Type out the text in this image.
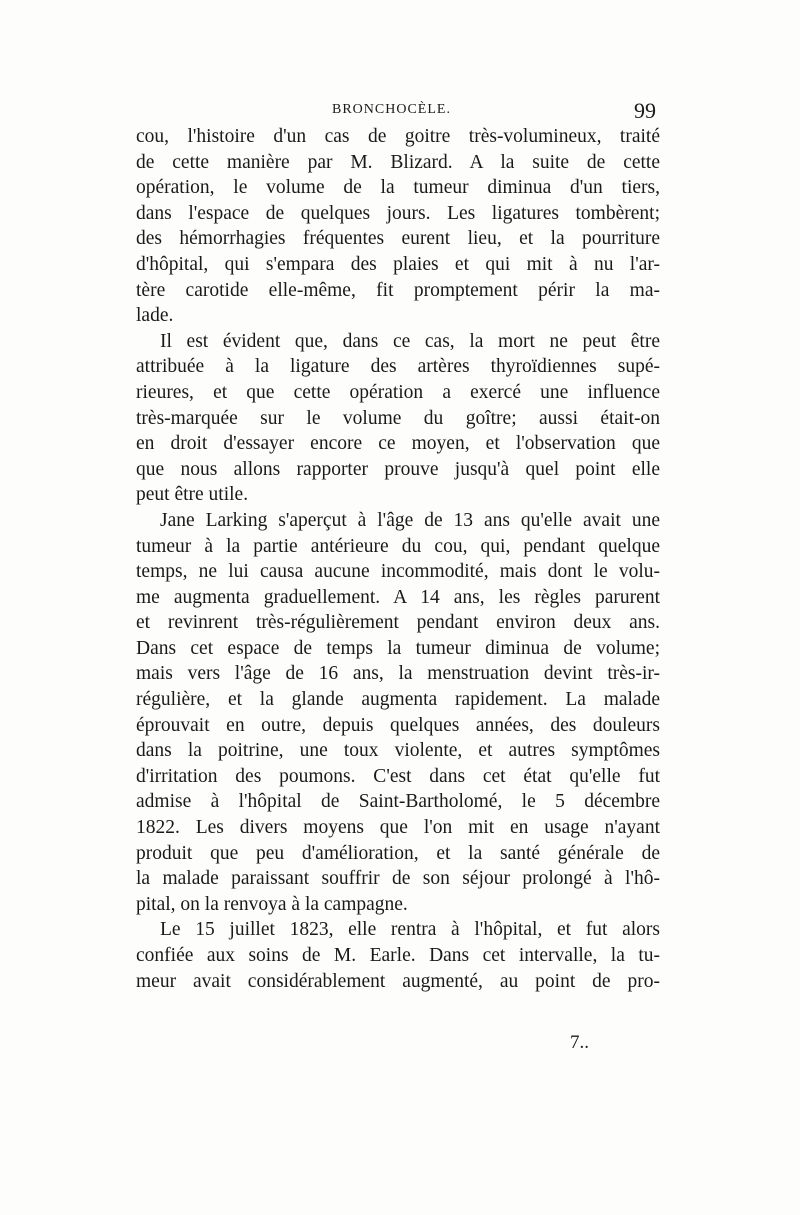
BRONCHOCÈLE.	99
cou, l'histoire d'un cas de goitre très-volumineux, traité
de cette manière par M. Blizard. A la suite de cette
opération, le volume de la tumeur diminua d'un tiers,
dans l'espace de quelques jours. Les ligatures tombèrent;
des hémorrhagies fréquentes eurent lieu, et la pourriture
d'hôpital, qui s'empara des plaies et qui mit à nu l'ar-
tère carotide elle-même, fit promptement périr la ma-
lade.
Il est évident que, dans ce cas, la mort ne peut être
attribuée à la ligature des artères thyroïdiennes supé-
rieures, et que cette opération a exercé une influence
très-marquée sur le volume du goître; aussi était-on
en droit d'essayer encore ce moyen, et l'observation que
que nous allons rapporter prouve jusqu'à quel point elle
peut être utile.
Jane Larking s'aperçut à l'âge de 13 ans qu'elle avait une
tumeur à la partie antérieure du cou, qui, pendant quelque
temps, ne lui causa aucune incommodité, mais dont le volu-
me augmenta graduellement. A 14 ans, les règles parurent
et revinrent très-régulièrement pendant environ deux ans.
Dans cet espace de temps la tumeur diminua de volume;
mais vers l'âge de 16 ans, la menstruation devint très-ir-
régulière, et la glande augmenta rapidement. La malade
éprouvait en outre, depuis quelques années, des douleurs
dans la poitrine, une toux violente, et autres symptômes
d'irritation des poumons. C'est dans cet état qu'elle fut
admise à l'hôpital de Saint-Bartholomé, le 5 décembre
1822. Les divers moyens que l'on mit en usage n'ayant
produit que peu d'amélioration, et la santé générale de
la malade paraissant souffrir de son séjour prolongé à l'hô-
pital, on la renvoya à la campagne.
Le 15 juillet 1823, elle rentra à l'hôpital, et fut alors
confiée aux soins de M. Earle. Dans cet intervalle, la tu-
meur avait considérablement augmenté, au point de pro-
7..
